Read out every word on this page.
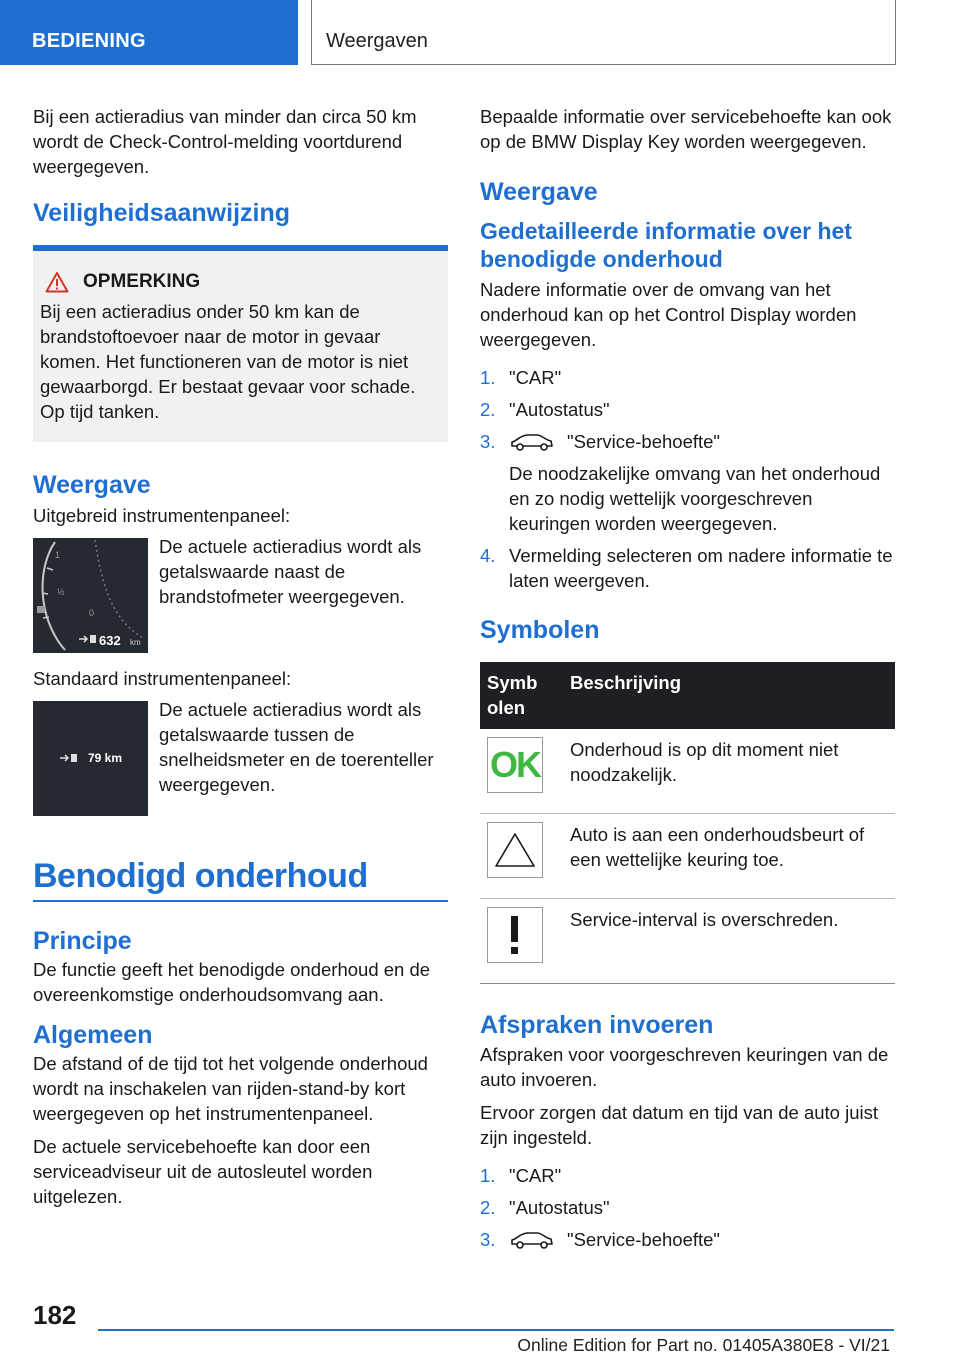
BEDIENING	Weergaven

Bij een actieradius van minder dan circa 50 km wordt de Check-Control-melding voortdurend weergegeven.

Veiligheidsaanwijzing
OPMERKING

Bij een actieradius onder 50 km kan de brandstoftoevoer naar de motor in gevaar komen. Het functioneren van de motor is niet gewaarborgd. Er bestaat gevaar voor schade. Op tijd tanken.

Weergave

Uitgebreid instrumentenpaneel:

1
½
0
632 km

De actuele actieradius wordt als getalswaarde naast de brandstofmeter weergegeven.

Standaard instrumentenpaneel:

79 km

De actuele actieradius wordt als getalswaarde tussen de snelheidsmeter en de toerenteller weergegeven.

Benodigd onderhoud
Principe

De functie geeft het benodigde onderhoud en de overeenkomstige onderhoudsomvang aan.

Algemeen

De afstand of de tijd tot het volgende onderhoud wordt na inschakelen van rijden-stand-by kort weergegeven op het instrumentenpaneel.

De actuele servicebehoefte kan door een serviceadviseur uit de autosleutel worden uitgelezen.

Bepaalde informatie over servicebehoefte kan ook op de BMW Display Key worden weergegeven.

Weergave
Gedetailleerde informatie over het benodigde onderhoud

Nadere informatie over de omvang van het onderhoud kan op het Control Display worden weergegeven.

1. "CAR"
2. "Autostatus"
3.	"Service-behoefte"
De noodzakelijke omvang van het onderhoud en zo nodig wettelijk voorgeschreven keuringen worden weergegeven.
4. Vermelding selecteren om nadere informatie te laten weergeven.
Symbolen
Symbolen	Beschrijving

OK	Onderhoud is op dit moment niet noodzakelijk.

	Auto is aan een onderhoudsbeurt of een wettelijke keuring toe.

	Service-interval is overschreden.
Afspraken invoeren

Afspraken voor voorgeschreven keuringen van de auto invoeren.

Ervoor zorgen dat datum en tijd van de auto juist zijn ingesteld.

1. "CAR"
2. "Autostatus"
3.	"Service-behoefte"
182
Online Edition for Part no. 01405A380E8 - VI/21
